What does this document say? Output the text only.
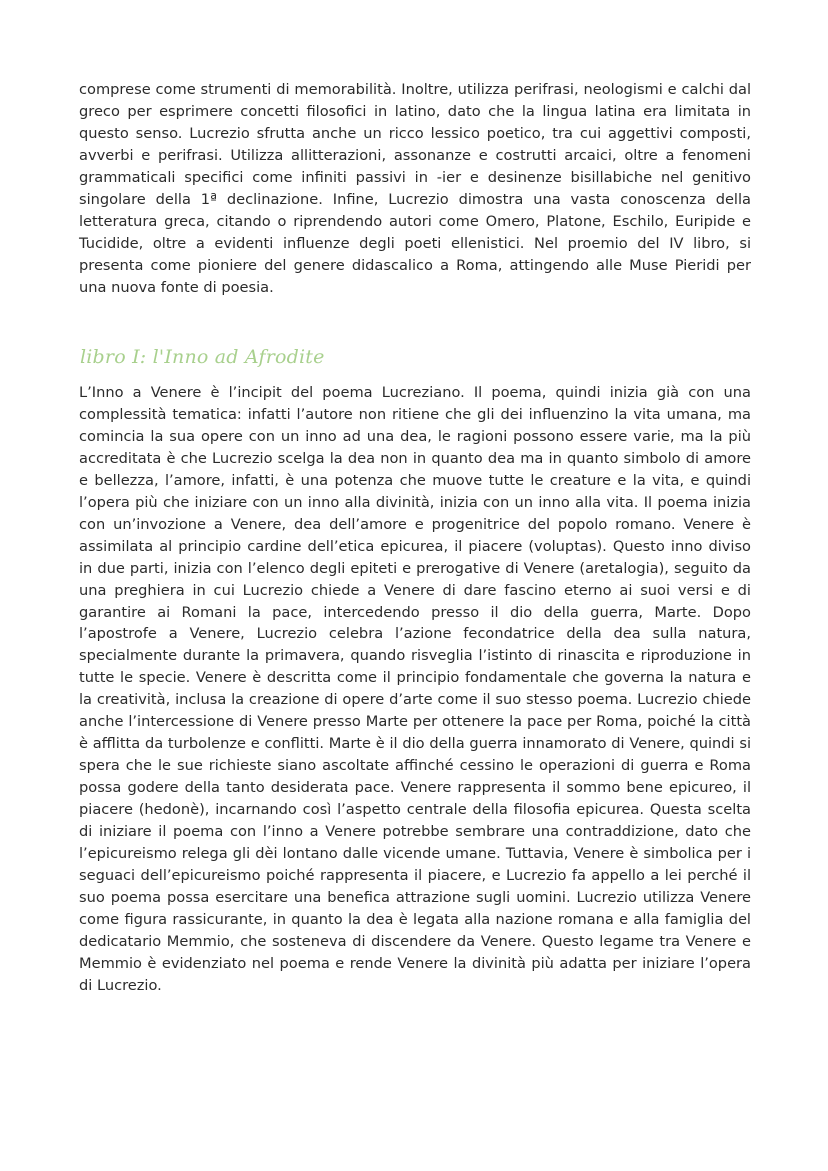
comprese come strumenti di memorabilità. Inoltre, utilizza perifrasi, neologismi e calchi dal greco per esprimere concetti filosofici in latino, dato che la lingua latina era limitata in questo senso. Lucrezio sfrutta anche un ricco lessico poetico, tra cui aggettivi composti, avverbi e perifrasi. Utilizza allitterazioni, assonanze e costrutti arcaici, oltre a fenomeni grammaticali specifici come infiniti passivi in -ier e desinenze bisillabiche nel genitivo singolare della 1ª declinazione. Infine, Lucrezio dimostra una vasta conoscenza della letteratura greca, citando o riprendendo autori come Omero, Platone, Eschilo, Euripide e Tucidide, oltre a evidenti influenze degli poeti ellenistici. Nel proemio del IV libro, si presenta come pioniere del genere didascalico a Roma, attingendo alle Muse Pieridi per una nuova fonte di poesia.

libro I: l'Inno ad Afrodite

L’Inno a Venere è l’incipit del poema Lucreziano. Il poema, quindi inizia già con una complessità tematica: infatti l’autore non ritiene che gli dei influenzino la vita umana, ma comincia la sua opere con un inno ad una dea, le ragioni possono essere varie, ma la più accreditata è che Lucrezio scelga la dea non in quanto dea ma in quanto simbolo di amore e bellezza, l’amore, infatti, è una potenza che muove tutte le creature e la vita, e quindi l’opera più che iniziare con un inno alla divinità, inizia con un inno alla vita. Il poema inizia con un’invozione a Venere, dea dell’amore e progenitrice del popolo romano. Venere è assimilata al principio cardine dell’etica epicurea, il piacere (voluptas). Questo inno diviso in due parti, inizia con l’elenco degli epiteti e prerogative di Venere (aretalogia), seguito da una preghiera in cui Lucrezio chiede a Venere di dare fascino eterno ai suoi versi e di garantire ai Romani la pace, intercedendo presso il dio della guerra, Marte. Dopo l’apostrofe a Venere, Lucrezio celebra l’azione fecondatrice della dea sulla natura, specialmente durante la primavera, quando risveglia l’istinto di rinascita e riproduzione in tutte le specie. Venere è descritta come il principio fondamentale che governa la natura e la creatività, inclusa la creazione di opere d’arte come il suo stesso poema. Lucrezio chiede anche l’intercessione di Venere presso Marte per ottenere la pace per Roma, poiché la città è afflitta da turbolenze e conflitti. Marte è il dio della guerra innamorato di Venere, quindi si spera che le sue richieste siano ascoltate affinché cessino le operazioni di guerra e Roma possa godere della tanto desiderata pace. Venere rappresenta il sommo bene epicureo, il piacere (hedonè), incarnando così l’aspetto centrale della filosofia epicurea. Questa scelta di iniziare il poema con l’inno a Venere potrebbe sembrare una contraddizione, dato che l’epicureismo relega gli dèi lontano dalle vicende umane. Tuttavia, Venere è simbolica per i seguaci dell’epicureismo poiché rappresenta il piacere, e Lucrezio fa appello a lei perché il suo poema possa esercitare una benefica attrazione sugli uomini. Lucrezio utilizza Venere come figura rassicurante, in quanto la dea è legata alla nazione romana e alla famiglia del dedicatario Memmio, che sosteneva di discendere da Venere. Questo legame tra Venere e Memmio è evidenziato nel poema e rende Venere la divinità più adatta per iniziare l’opera di Lucrezio.
